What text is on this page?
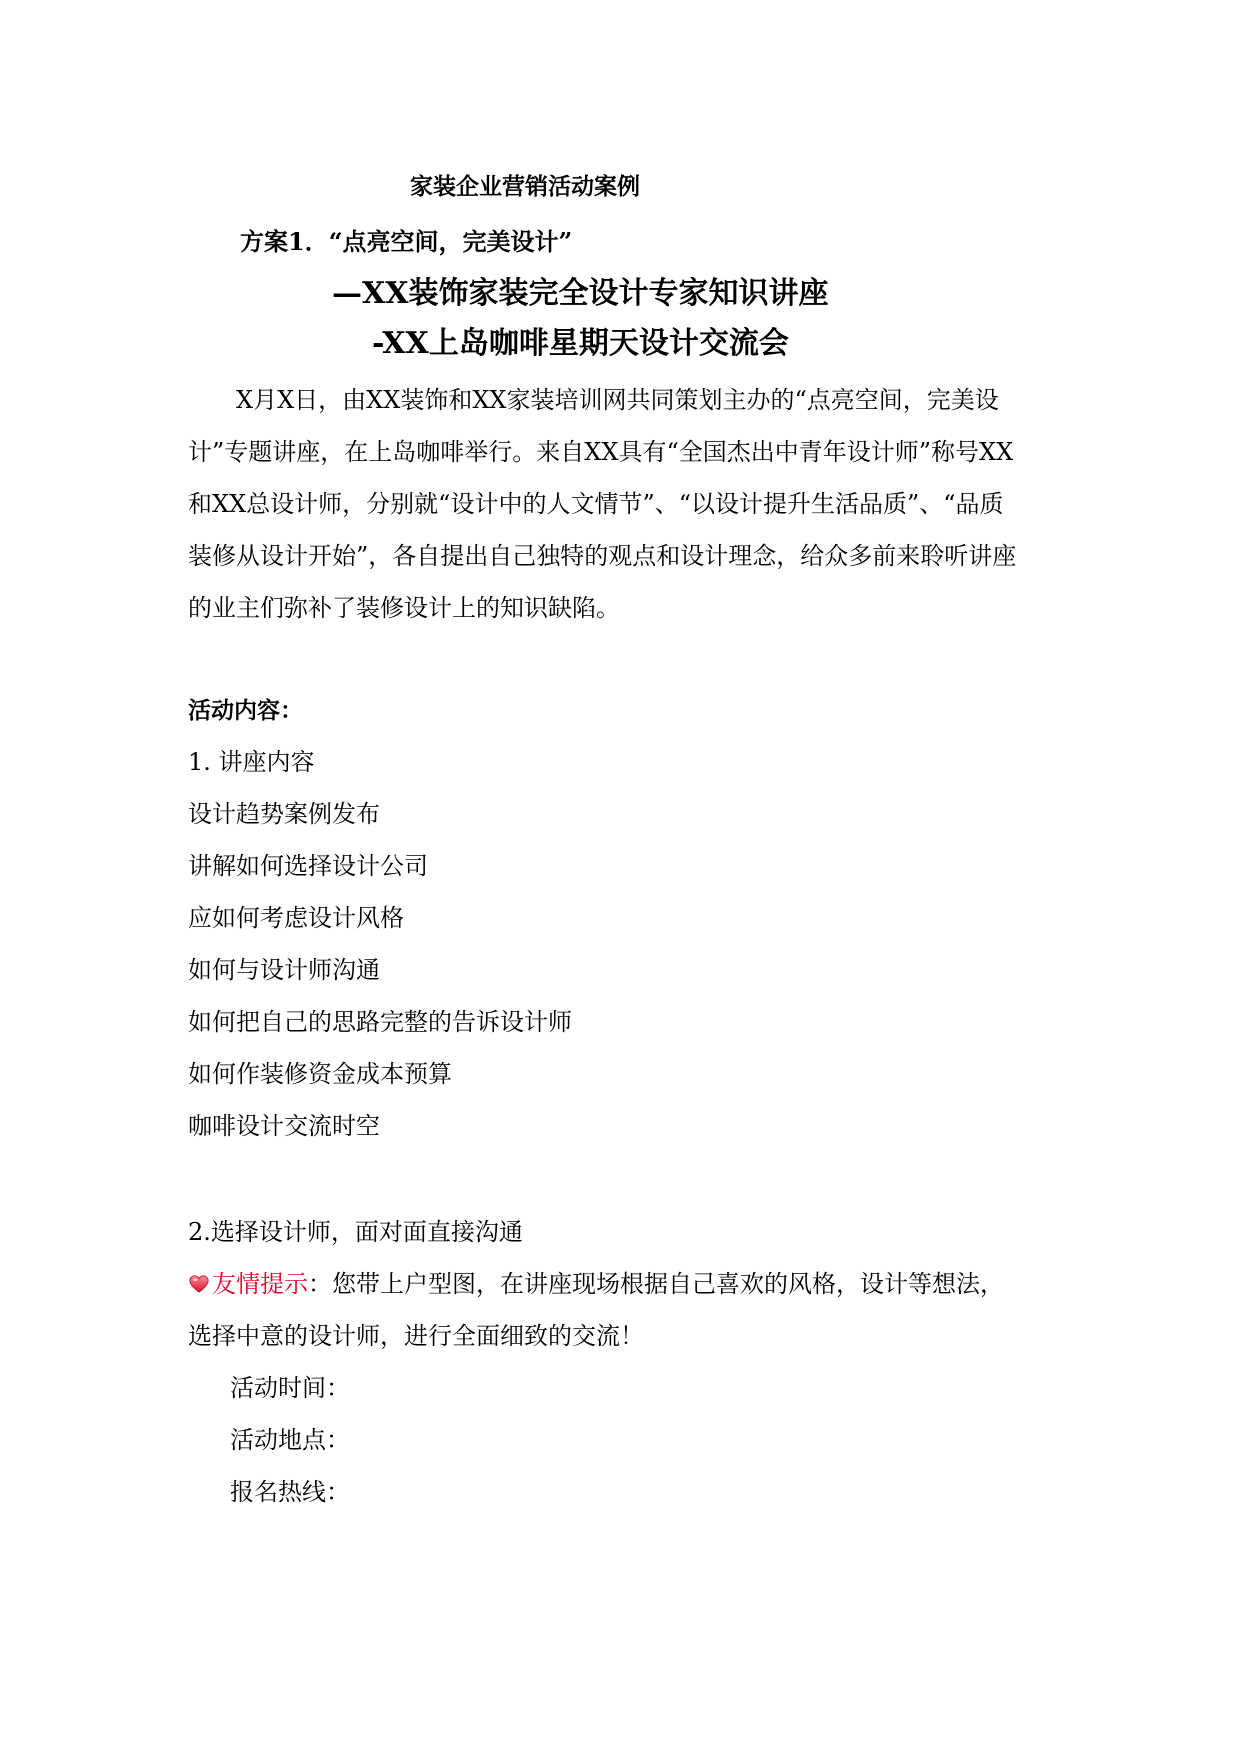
家装企业营销活动案例
方案1．“点亮空间，完美设计”
—XX装饰家装完全设计专家知识讲座
-XX上岛咖啡星期天设计交流会
X月X日，由XX装饰和XX家装培训网共同策划主办的“点亮空间，完美设
计”专题讲座，在上岛咖啡举行。来自XX具有“全国杰出中青年设计师”称号XX
和XX总设计师，分别就“设计中的人文情节”、“以设计提升生活品质”、“品质
装修从设计开始”，各自提出自己独特的观点和设计理念，给众多前来聆听讲座
的业主们弥补了装修设计上的知识缺陷。
活动内容：
1. 讲座内容
设计趋势案例发布
讲解如何选择设计公司
应如何考虑设计风格
如何与设计师沟通
如何把自己的思路完整的告诉设计师
如何作装修资金成本预算
咖啡设计交流时空
2.选择设计师，面对面直接沟通
友情提示：您带上户型图，在讲座现场根据自己喜欢的风格，设计等想法，
选择中意的设计师，进行全面细致的交流！
活动时间：
活动地点：
报名热线：
